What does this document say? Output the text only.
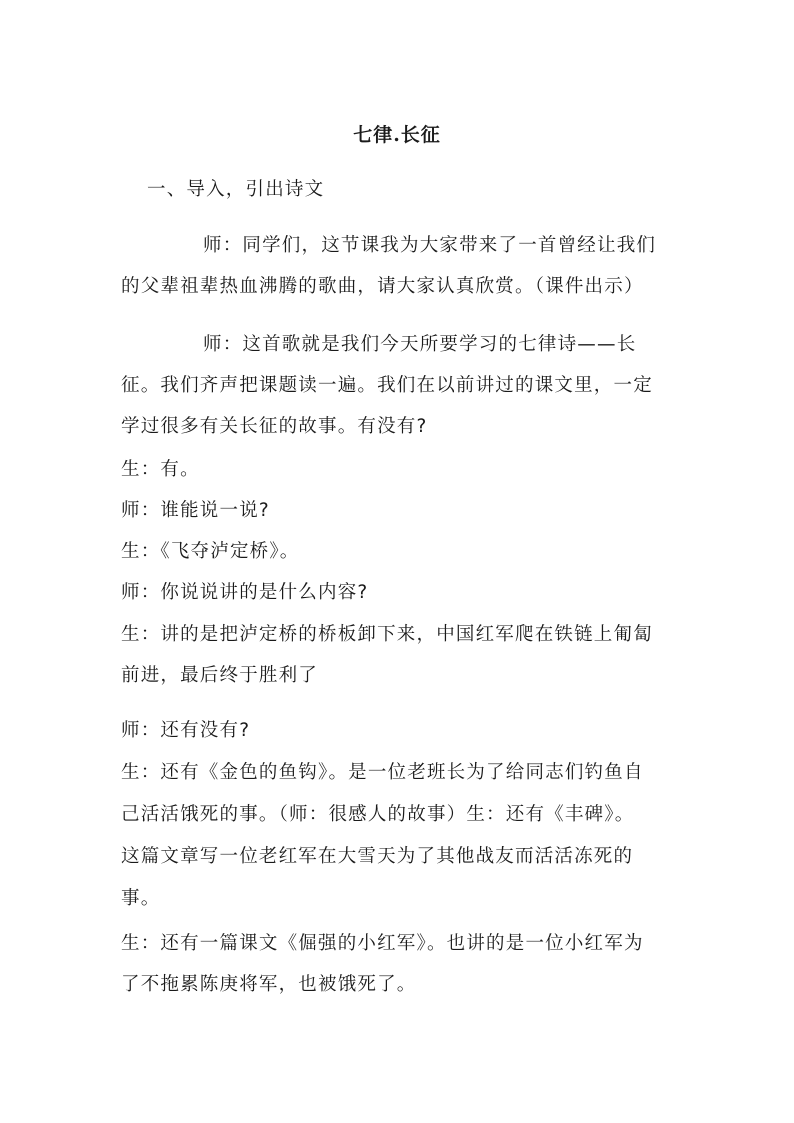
七律.长征
一、导入，引出诗文
师：同学们，这节课我为大家带来了一首曾经让我们
的父辈祖辈热血沸腾的歌曲，请大家认真欣赏。（课件出示）
师：这首歌就是我们今天所要学习的七律诗——长
征。我们齐声把课题读一遍。我们在以前讲过的课文里，一定
学过很多有关长征的故事。有没有?
生：有。
师：谁能说一说?
生：《飞夺泸定桥》。
师：你说说讲的是什么内容?
生：讲的是把泸定桥的桥板卸下来，中国红军爬在铁链上匍匐
前进，最后终于胜利了
师：还有没有?
生：还有《金色的鱼钩》。是一位老班长为了给同志们钓鱼自
己活活饿死的事。（师：很感人的故事）生：还有《丰碑》。
这篇文章写一位老红军在大雪天为了其他战友而活活冻死的
事。
生：还有一篇课文《倔强的小红军》。也讲的是一位小红军为
了不拖累陈庚将军，也被饿死了。
